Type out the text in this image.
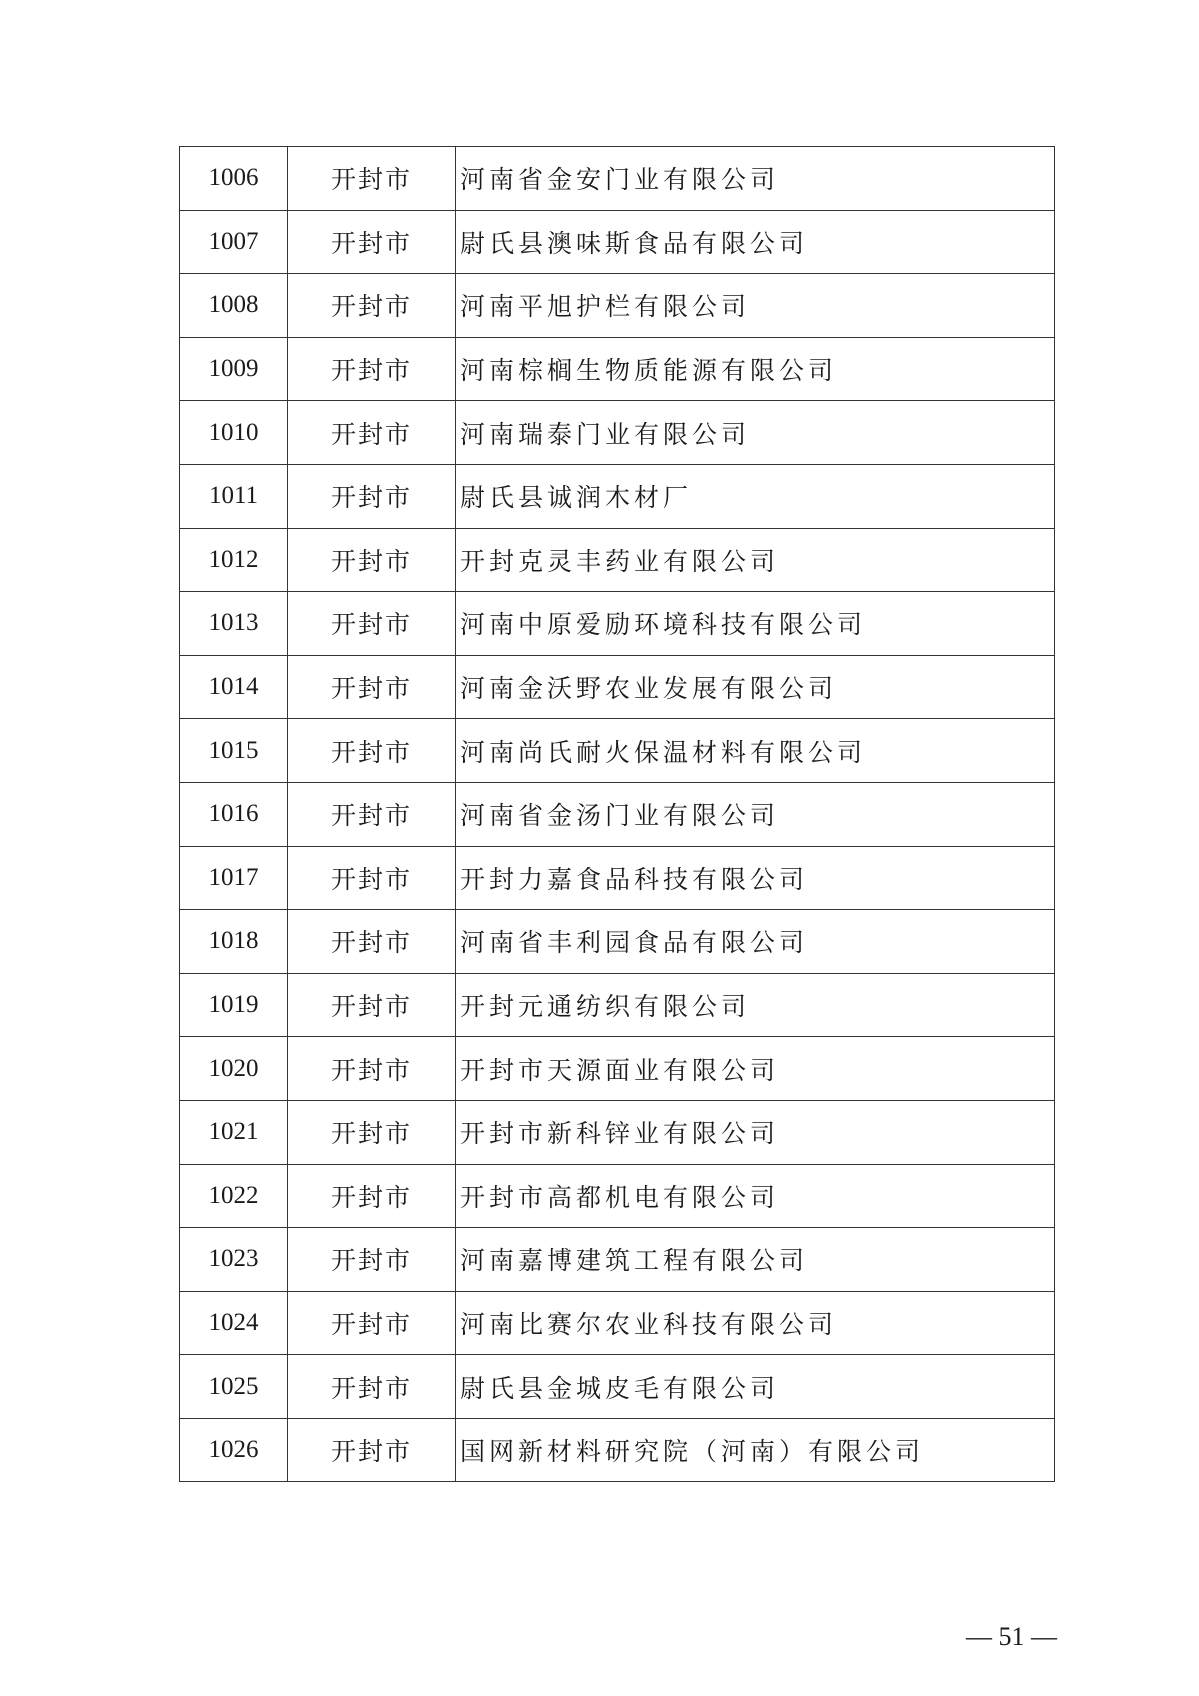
1006	开封市	河南省金安门业有限公司
1007	开封市	尉氏县澳味斯食品有限公司
1008	开封市	河南平旭护栏有限公司
1009	开封市	河南棕榈生物质能源有限公司
1010	开封市	河南瑞泰门业有限公司
1011	开封市	尉氏县诚润木材厂
1012	开封市	开封克灵丰药业有限公司
1013	开封市	河南中原爱励环境科技有限公司
1014	开封市	河南金沃野农业发展有限公司
1015	开封市	河南尚氏耐火保温材料有限公司
1016	开封市	河南省金汤门业有限公司
1017	开封市	开封力嘉食品科技有限公司
1018	开封市	河南省丰利园食品有限公司
1019	开封市	开封元通纺织有限公司
1020	开封市	开封市天源面业有限公司
1021	开封市	开封市新科锌业有限公司
1022	开封市	开封市高都机电有限公司
1023	开封市	河南嘉博建筑工程有限公司
1024	开封市	河南比赛尔农业科技有限公司
1025	开封市	尉氏县金城皮毛有限公司
1026	开封市	国网新材料研究院（河南）有限公司
— 51 —
